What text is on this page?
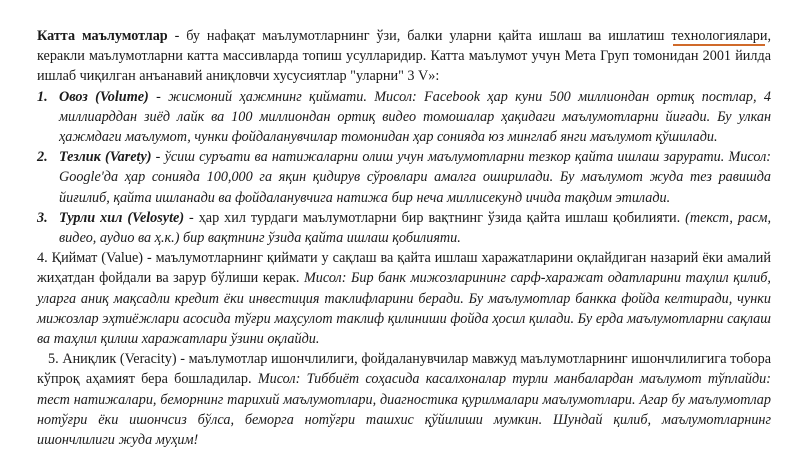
Катта маълумотлар - бу нафақат маълумотларнинг ўзи, балки уларни қайта ишлаш ва ишлатиш технологиялари, керакли маълумотларни катта массивларда топиш усулларидир. Катта маълумот учун Мета Груп томонидан 2001 йилда ишлаб чиқилган анъанавий аниқловчи хусусиятлар "уларни" 3 V»:

1. Овоз (Volume) - жисмоний ҳажмнинг қиймати. Мисол: Facebook ҳар куни 500 миллиондан ортиқ постлар, 4 миллиарддан зиёд лайк ва 100 миллиондан ортиқ видео томошалар ҳақидаги маълумотларни йиғади. Бу улкан ҳажмдаги маълумот, чунки фойдаланувчилар томонидан ҳар сонияда юз минглаб янги маълумот қўшилади.
2. Тезлик (Varety) - ўсиш суръати ва натижаларни олиш учун маълумотларни тезкор қайта ишлаш зарурати. Мисол: Google'да ҳар сонияда 100,000 га яқин қидирув сўровлари амалга оширилади. Бу маълумот жуда тез равишда йиғилиб, қайта ишланади ва фойдаланувчига натижа бир неча миллисекунд ичида тақдим этилади.
3. Турли хил (Velosyte) - ҳар хил турдаги маълумотларни бир вақтнинг ўзида қайта ишлаш қобилияти. (текст, расм, видео, аудио ва ҳ.к.) бир вақтнинг ўзида қайта ишлаш қобилияти.

4. Қиймат (Value) - маълумотларнинг қиймати у сақлаш ва қайта ишлаш харажатларини оқлайдиган назарий ёки амалий жиҳатдан фойдали ва зарур бўлиши керак. Мисол: Бир банк мижозларининг сарф-харажат одатларини таҳлил қилиб, уларга аниқ мақсадли кредит ёки инвестиция таклифларини беради. Бу маълумотлар банкка фойда келтиради, чунки мижозлар эҳтиёжлари асосида тўғри маҳсулот таклиф қилиниши фойда ҳосил қилади. Бу ерда маълумотларни сақлаш ва таҳлил қилиш харажатлари ўзини оқлайди.

5. Аниқлик (Veracity) - маълумотлар ишончлилиги, фойдаланувчилар мавжуд маълумотларнинг ишончлилигига тобора кўпроқ аҳамият бера бошладилар. Мисол: Тиббиёт соҳасида касалхоналар турли манбалардан маълумот тўплайди: тест натижалари, беморнинг тарихий маълумотлари, диагностика қурилмалари маълумотлари. Агар бу маълумотлар нотўғри ёки ишончсиз бўлса, беморга нотўғри ташхис қўйилиши мумкин. Шундай қилиб, маълумотларнинг ишончлилиги жуда муҳим!
